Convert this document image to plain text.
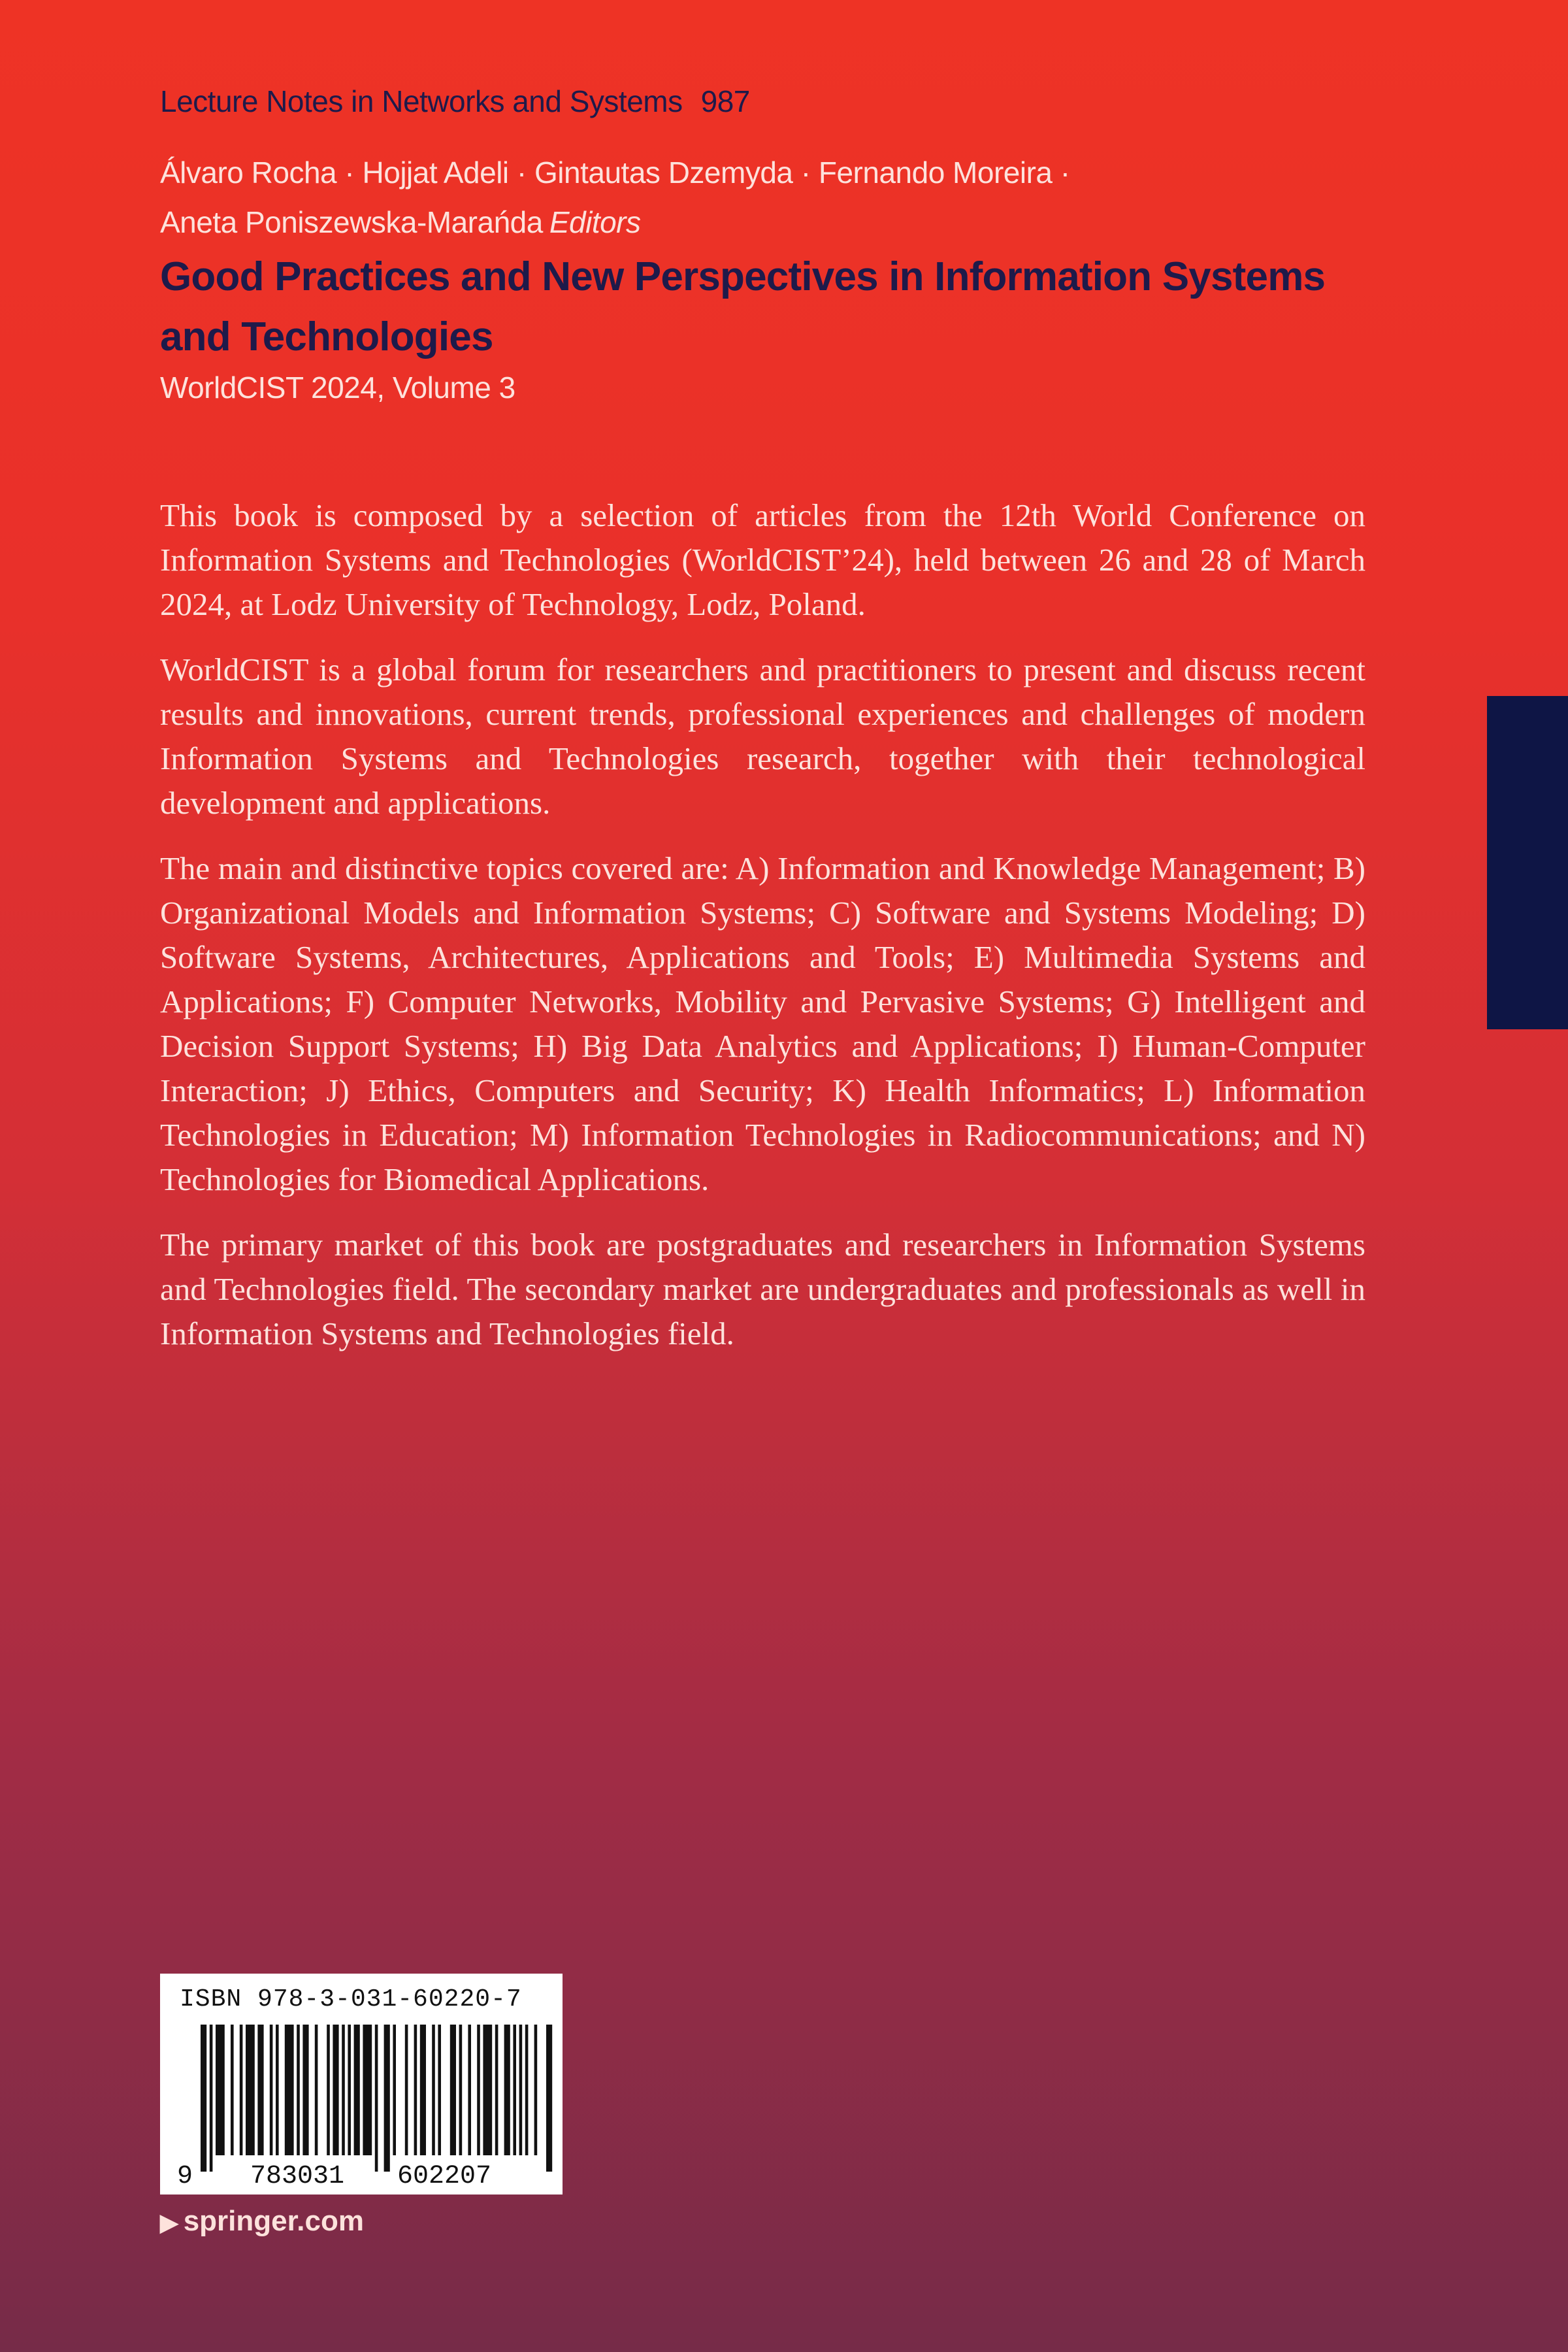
Lecture Notes in Networks and Systems 987
Álvaro Rocha · Hojjat Adeli · Gintautas Dzemyda · Fernando Moreira ·
Aneta Poniszewska-Marańda Editors
Good Practices and New Perspectives in Information Systems and Technologies
WorldCIST 2024, Volume 3

This book is composed by a selection of articles from the 12th World Conference on Information Systems and Technologies (WorldCIST’24), held between 26 and 28 of March 2024, at Lodz University of Technology, Lodz, Poland.

WorldCIST is a global forum for researchers and practitioners to present and discuss recent results and innovations, current trends, professional experiences and challenges of modern Information Systems and Technologies research, together with their technological development and applications.

The main and distinctive topics covered are: A) Information and Knowledge Management; B) Organizational Models and Information Systems; C) Software and Systems Modeling; D) Software Systems, Architectures, Applications and Tools; E) Multimedia Systems and Applications; F) Computer Networks, Mobility and Pervasive Systems; G) Intelligent and Decision Support Systems; H) Big Data Analytics and Applications; I) Human-Computer Interaction; J) Ethics, Computers and Security; K) Health Informatics; L) Information Technologies in Education; M) Information Technologies in Radiocommunications; and N) Technologies for Biomedical Applications.

The primary market of this book are postgraduates and researchers in Information Systems and Technologies field. The secondary market are undergraduates and professionals as well in Information Systems and Technologies field.

ISBN 978-3-031-60220-7
9 783031 602207
▶ springer.com
